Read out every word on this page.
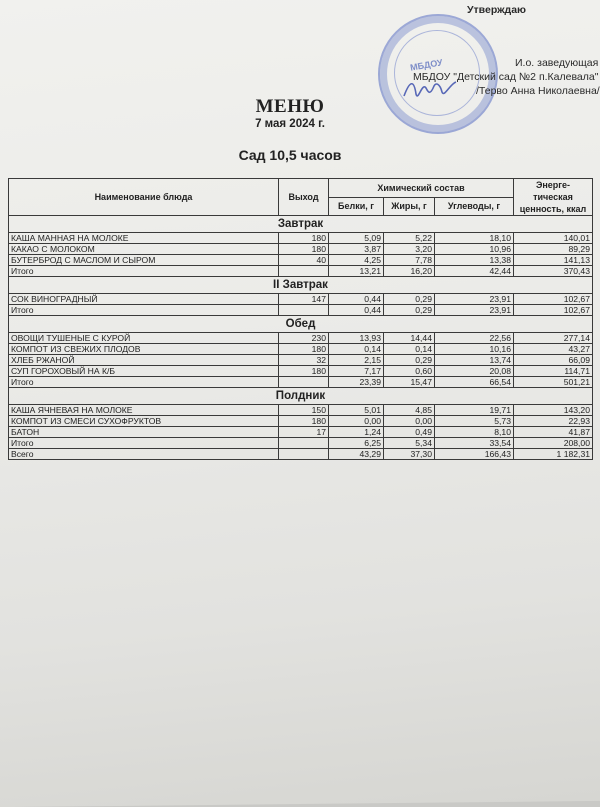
МБДОУ
Утверждаю
И.о. заведующая
МБДОУ "Детский сад №2 п.Калевала"
/Терво Анна Николаевна/
МЕНЮ
7 мая 2024 г.
Сад 10,5 часов
Наименование блюда	Выход	Химический состав			Энерге- тическая ценность, ккал
		Белки, г	Жиры, г	Углеводы, г	
Завтрак					
КАША МАННАЯ НА МОЛОКЕ	180	5,09	5,22	18,10	140,01
КАКАО С МОЛОКОМ	180	3,87	3,20	10,96	89,29
БУТЕРБРОД С МАСЛОМ И СЫРОМ	40	4,25	7,78	13,38	141,13
Итого		13,21	16,20	42,44	370,43
II Завтрак					
СОК ВИНОГРАДНЫЙ	147	0,44	0,29	23,91	102,67
Итого		0,44	0,29	23,91	102,67
Обед					
ОВОЩИ ТУШЕНЫЕ С КУРОЙ	230	13,93	14,44	22,56	277,14
КОМПОТ ИЗ СВЕЖИХ ПЛОДОВ	180	0,14	0,14	10,16	43,27
ХЛЕБ РЖАНОЙ	32	2,15	0,29	13,74	66,09
СУП ГОРОХОВЫЙ НА К/Б	180	7,17	0,60	20,08	114,71
Итого		23,39	15,47	66,54	501,21
Полдник					
КАША ЯЧНЕВАЯ НА МОЛОКЕ	150	5,01	4,85	19,71	143,20
КОМПОТ ИЗ СМЕСИ СУХОФРУКТОВ	180	0,00	0,00	5,73	22,93
БАТОН	17	1,24	0,49	8,10	41,87
Итого		6,25	5,34	33,54	208,00
Всего		43,29	37,30	166,43	1 182,31
